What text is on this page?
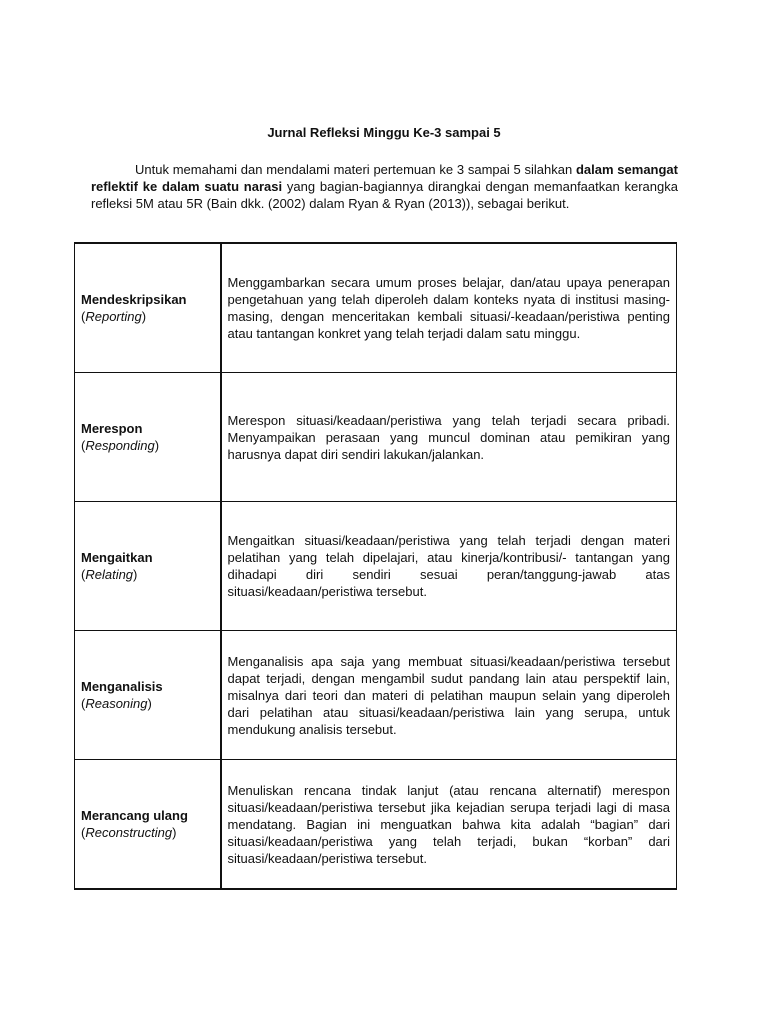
Jurnal Refleksi Minggu Ke-3 sampai 5

Untuk memahami dan mendalami materi pertemuan ke 3 sampai 5 silahkan dalam semangat reflektif ke dalam suatu narasi yang bagian-bagiannya dirangkai dengan memanfaatkan kerangka refleksi 5M atau 5R (Bain dkk. (2002) dalam Ryan & Ryan (2013)), sebagai berikut.

Mendeskripsikan
(Reporting)	Menggambarkan secara umum proses belajar, dan/atau upaya penerapan pengetahuan yang telah diperoleh dalam konteks nyata di institusi masing-masing, dengan menceritakan kembali situasi/-keadaan/peristiwa penting atau tantangan konkret yang telah terjadi dalam satu minggu.

Merespon
(Responding)	Merespon situasi/keadaan/peristiwa yang telah terjadi secara pribadi. Menyampaikan perasaan yang muncul dominan atau pemikiran yang harusnya dapat diri sendiri lakukan/jalankan.

Mengaitkan
(Relating)	Mengaitkan situasi/keadaan/peristiwa yang telah terjadi dengan materi pelatihan yang telah dipelajari, atau kinerja/kontribusi/- tantangan yang dihadapi diri sendiri sesuai peran/tanggung-jawab atas situasi/keadaan/peristiwa tersebut.

Menganalisis
(Reasoning)	Menganalisis apa saja yang membuat situasi/keadaan/peristiwa tersebut dapat terjadi, dengan mengambil sudut pandang lain atau perspektif lain, misalnya dari teori dan materi di pelatihan maupun selain yang diperoleh dari pelatihan atau situasi/keadaan/peristiwa lain yang serupa, untuk mendukung analisis tersebut.

Merancang ulang
(Reconstructing)	Menuliskan rencana tindak lanjut (atau rencana alternatif) merespon situasi/keadaan/peristiwa tersebut jika kejadian serupa terjadi lagi di masa mendatang. Bagian ini menguatkan bahwa kita adalah “bagian” dari situasi/keadaan/peristiwa yang telah terjadi, bukan “korban” dari situasi/keadaan/peristiwa tersebut.
